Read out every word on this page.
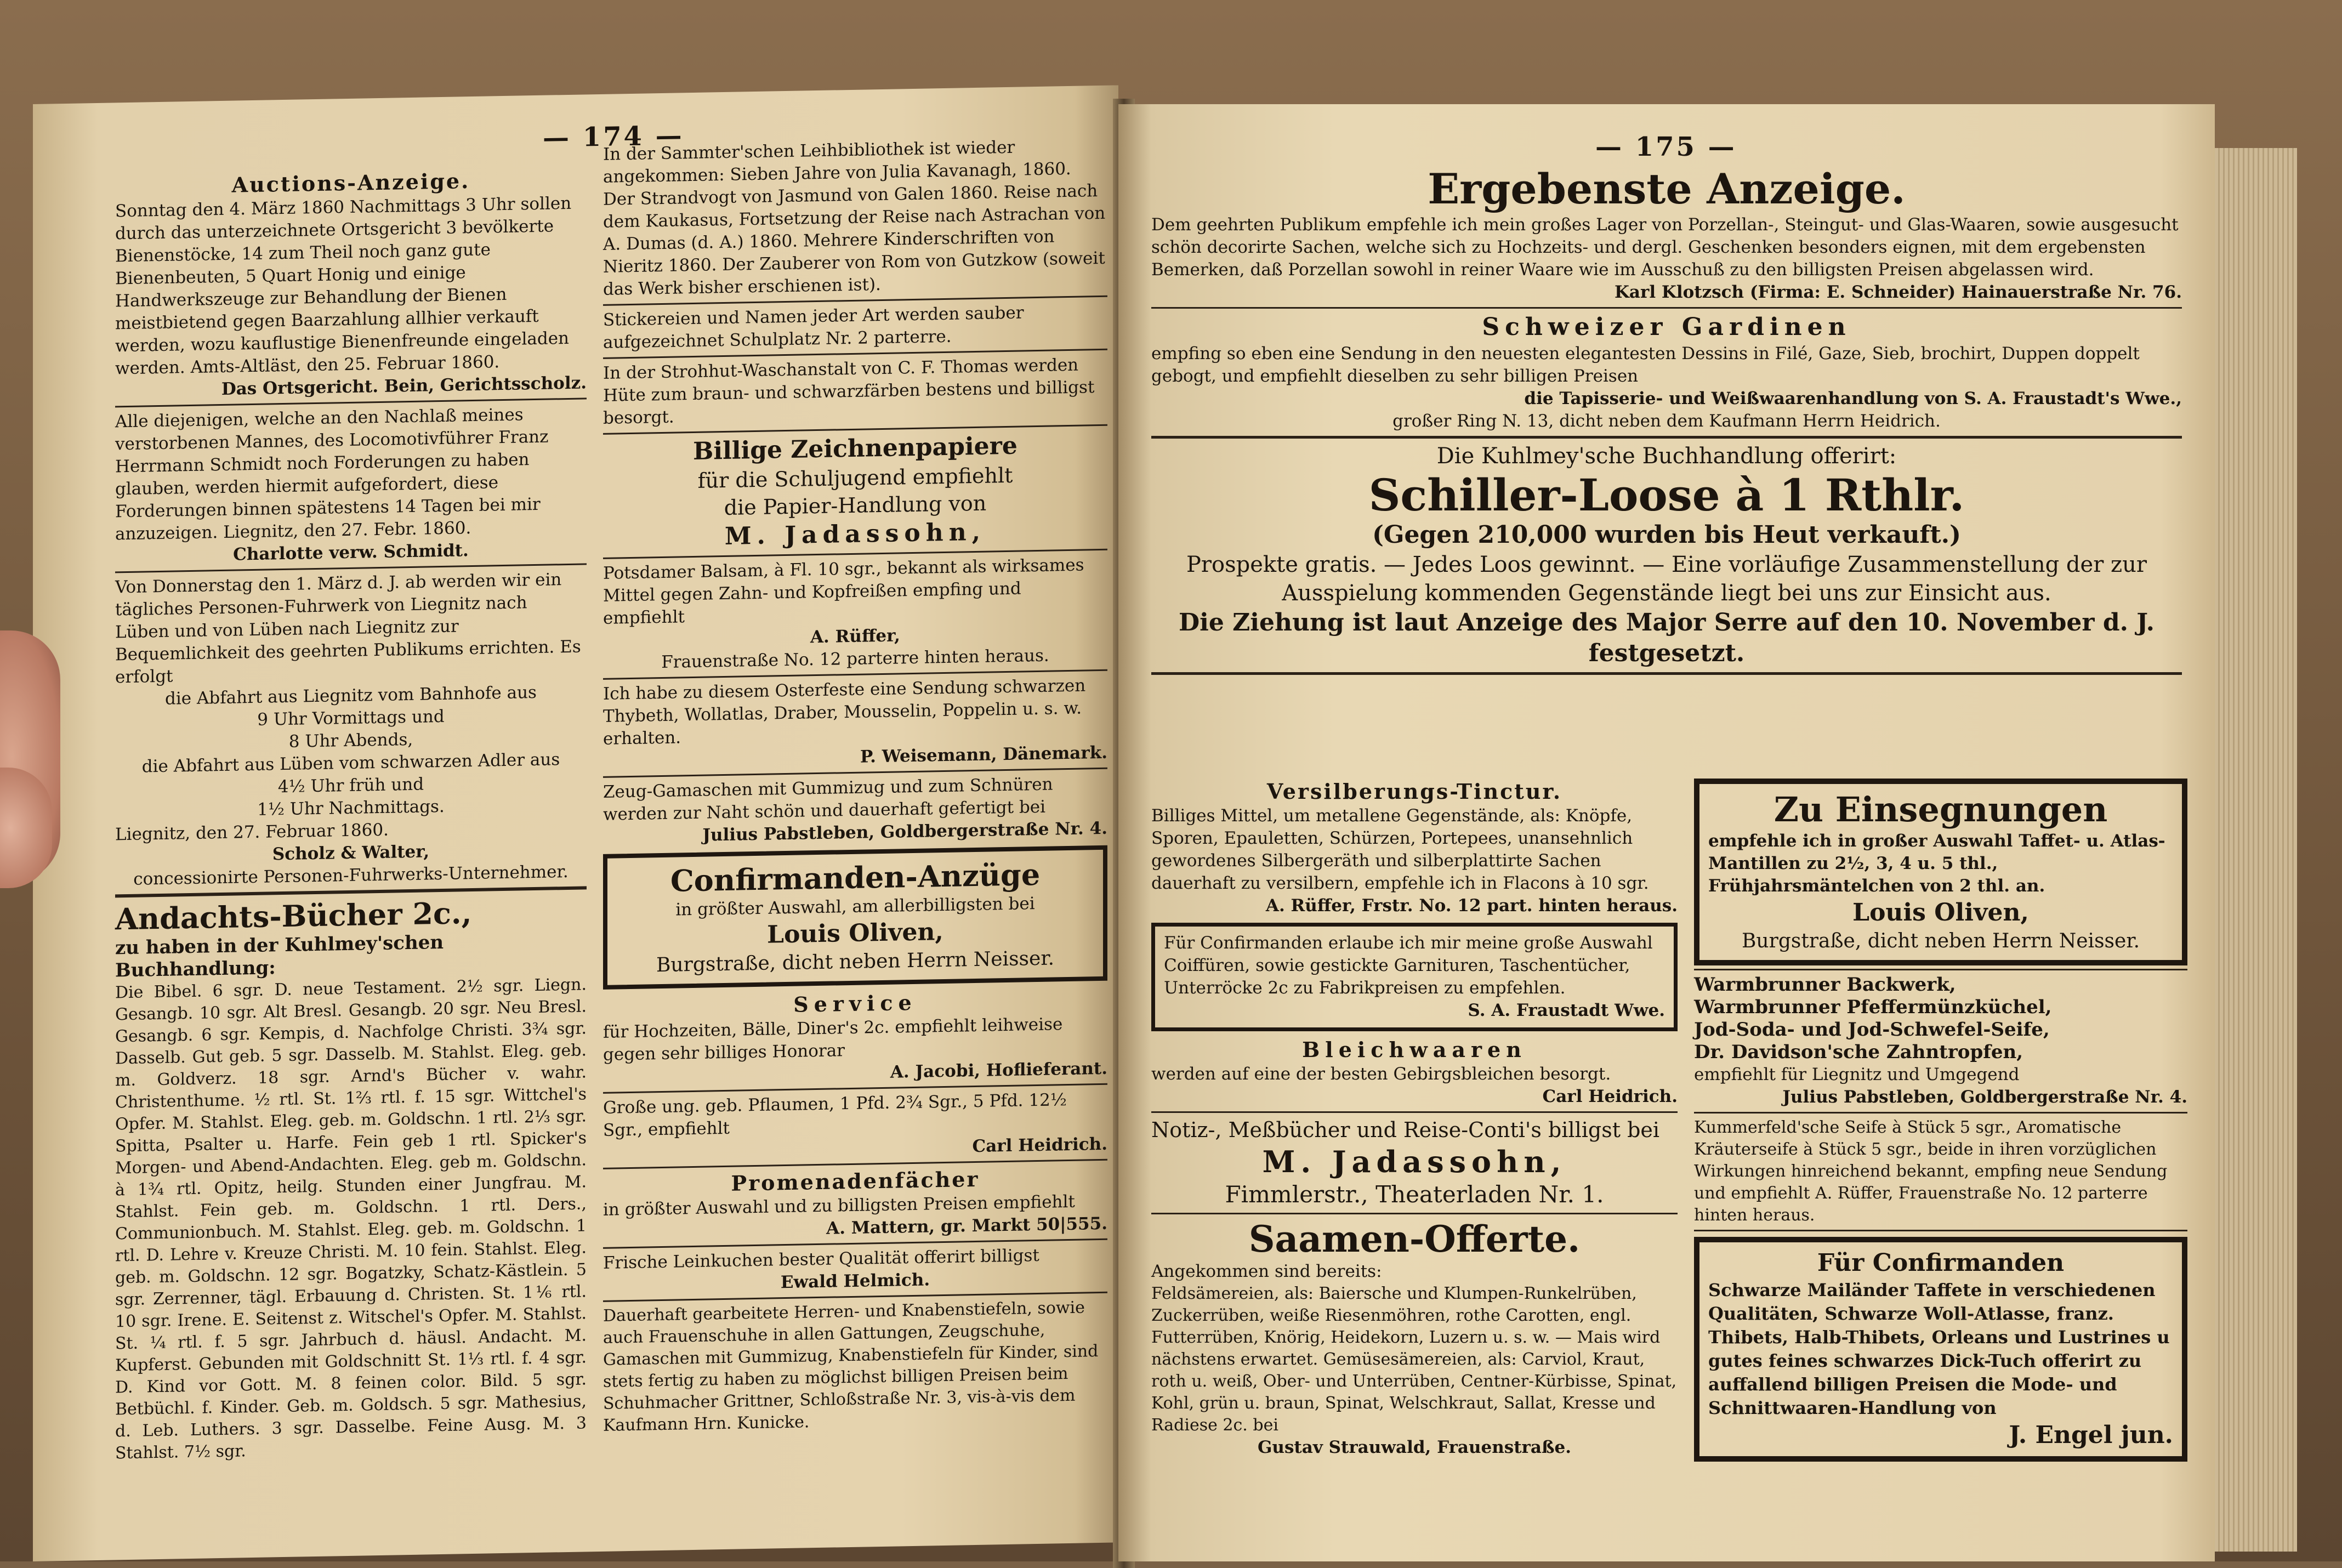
— 174 —

Auctions-Anzeige.

Sonntag den 4. März 1860 Nachmittags 3 Uhr sollen durch das unterzeichnete Ortsgericht 3 bevölkerte Bienenstöcke, 14 zum Theil noch ganz gute Bienenbeuten, 5 Quart Honig und einige Handwerkszeuge zur Behandlung der Bienen meistbietend gegen Baarzahlung allhier verkauft werden, wozu kauflustige Bienenfreunde eingeladen werden. Amts-Altläst, den 25. Februar 1860.

Das Ortsgericht. Bein, Gerichtsscholz.

Alle diejenigen, welche an den Nachlaß meines verstorbenen Mannes, des Locomotivführer Franz Herrmann Schmidt noch Forderungen zu haben glauben, werden hiermit aufgefordert, diese Forderungen binnen spätestens 14 Tagen bei mir anzuzeigen. Liegnitz, den 27. Febr. 1860.

Charlotte verw. Schmidt.

Von Donnerstag den 1. März d. J. ab werden wir ein tägliches Personen-Fuhrwerk von Liegnitz nach Lüben und von Lüben nach Liegnitz zur Bequemlichkeit des geehrten Publikums errichten. Es erfolgt

die Abfahrt aus Liegnitz vom Bahnhofe aus

9 Uhr Vormittags und

8 Uhr Abends,

die Abfahrt aus Lüben vom schwarzen Adler aus

4½ Uhr früh und

1½ Uhr Nachmittags.

Liegnitz, den 27. Februar 1860.

Scholz & Walter,

concessionirte Personen-Fuhrwerks-Unternehmer.

Andachts-Bücher 2c.,

zu haben in der Kuhlmey'schen Buchhandlung:

Die Bibel. 6 sgr. D. neue Testament. 2½ sgr. Liegn. Gesangb. 10 sgr. Alt Bresl. Gesangb. 20 sgr. Neu Bresl. Gesangb. 6 sgr. Kempis, d. Nachfolge Christi. 3¾ sgr. Dasselb. Gut geb. 5 sgr. Dasselb. M. Stahlst. Eleg. geb. m. Goldverz. 18 sgr. Arnd's Bücher v. wahr. Christenthume. ½ rtl. St. 1⅔ rtl. f. 15 sgr. Wittchel's Opfer. M. Stahlst. Eleg. geb. m. Goldschn. 1 rtl. 2⅓ sgr. Spitta, Psalter u. Harfe. Fein geb 1 rtl. Spicker's Morgen- und Abend-Andachten. Eleg. geb m. Goldschn. à 1¾ rtl. Opitz, heilg. Stunden einer Jungfrau. M. Stahlst. Fein geb. m. Goldschn. 1 rtl. Ders., Communionbuch. M. Stahlst. Eleg. geb. m. Goldschn. 1 rtl. D. Lehre v. Kreuze Christi. M. 10 fein. Stahlst. Eleg. geb. m. Goldschn. 12 sgr. Bogatzky, Schatz-Kästlein. 5 sgr. Zerrenner, tägl. Erbauung d. Christen. St. 1⅙ rtl. 10 sgr. Irene. E. Seitenst z. Witschel's Opfer. M. Stahlst. St. ¼ rtl. f. 5 sgr. Jahrbuch d. häusl. Andacht. M. Kupferst. Gebunden mit Goldschnitt St. 1⅓ rtl. f. 4 sgr. D. Kind vor Gott. M. 8 feinen color. Bild. 5 sgr. Betbüchl. f. Kinder. Geb. m. Goldsch. 5 sgr. Mathesius, d. Leb. Luthers. 3 sgr. Dasselbe. Feine Ausg. M. 3 Stahlst. 7½ sgr.

In der Sammter'schen Leihbibliothek ist wieder angekommen: Sieben Jahre von Julia Kavanagh, 1860. Der Strandvogt von Jasmund von Galen 1860. Reise nach dem Kaukasus, Fortsetzung der Reise nach Astrachan von A. Dumas (d. A.) 1860. Mehrere Kinderschriften von Nieritz 1860. Der Zauberer von Rom von Gutzkow (soweit das Werk bisher erschienen ist).

Stickereien und Namen jeder Art werden sauber aufgezeichnet Schulplatz Nr. 2 parterre.

In der Strohhut-Waschanstalt von C. F. Thomas werden Hüte zum braun- und schwarzfärben bestens und billigst besorgt.

Billige Zeichnenpapiere

für die Schuljugend empfiehlt

die Papier-Handlung von

M. Jadassohn,

Potsdamer Balsam, à Fl. 10 sgr., bekannt als wirksames Mittel gegen Zahn- und Kopfreißen empfing und empfiehlt

A. Rüffer,

Frauenstraße No. 12 parterre hinten heraus.

Ich habe zu diesem Osterfeste eine Sendung schwarzen Thybeth, Wollatlas, Draber, Mousselin, Poppelin u. s. w. erhalten.

P. Weisemann, Dänemark.

Zeug-Gamaschen mit Gummizug und zum Schnüren werden zur Naht schön und dauerhaft gefertigt bei

Julius Pabstleben, Goldbergerstraße Nr. 4.

Confirmanden-Anzüge

in größter Auswahl, am allerbilligsten bei

Louis Oliven,

Burgstraße, dicht neben Herrn Neisser.

Service

für Hochzeiten, Bälle, Diner's 2c. empfiehlt leihweise gegen sehr billiges Honorar

A. Jacobi, Hoflieferant.

Große ung. geb. Pflaumen, 1 Pfd. 2¾ Sgr., 5 Pfd. 12½ Sgr., empfiehlt

Carl Heidrich.

Promenadenfächer

in größter Auswahl und zu billigsten Preisen empfiehlt

A. Mattern, gr. Markt 50|555.

Frische Leinkuchen bester Qualität offerirt billigst

Ewald Helmich.

Dauerhaft gearbeitete Herren- und Knabenstiefeln, sowie auch Frauenschuhe in allen Gattungen, Zeugschuhe, Gamaschen mit Gummizug, Knabenstiefeln für Kinder, sind stets fertig zu haben zu möglichst billigen Preisen beim Schuhmacher Grittner, Schloßstraße Nr. 3, vis-à-vis dem Kaufmann Hrn. Kunicke.

— 175 —

Ergebenste Anzeige.

Dem geehrten Publikum empfehle ich mein großes Lager von Porzellan-, Steingut- und Glas-Waaren, sowie ausgesucht schön decorirte Sachen, welche sich zu Hochzeits- und dergl. Geschenken besonders eignen, mit dem ergebensten Bemerken, daß Porzellan sowohl in reiner Waare wie im Ausschuß zu den billigsten Preisen abgelassen wird.

Karl Klotzsch (Firma: E. Schneider) Hainauerstraße Nr. 76.

Schweizer Gardinen

empfing so eben eine Sendung in den neuesten elegantesten Dessins in Filé, Gaze, Sieb, brochirt, Duppen doppelt gebogt, und empfiehlt dieselben zu sehr billigen Preisen

die Tapisserie- und Weißwaarenhandlung von S. A. Fraustadt's Wwe.,

großer Ring N. 13, dicht neben dem Kaufmann Herrn Heidrich.

Die Kuhlmey'sche Buchhandlung offerirt:

Schiller-Loose à 1 Rthlr.

(Gegen 210,000 wurden bis Heut verkauft.)

Prospekte gratis. — Jedes Loos gewinnt. — Eine vorläufige Zusammenstellung der zur Ausspielung kommenden Gegenstände liegt bei uns zur Einsicht aus.

Die Ziehung ist laut Anzeige des Major Serre auf den 10. November d. J. festgesetzt.

Versilberungs-Tinctur.

Billiges Mittel, um metallene Gegenstände, als: Knöpfe, Sporen, Epauletten, Schürzen, Portepees, unansehnlich gewordenes Silbergeräth und silberplattirte Sachen dauerhaft zu versilbern, empfehle ich in Flacons à 10 sgr.

A. Rüffer, Frstr. No. 12 part. hinten heraus.

Für Confirmanden erlaube ich mir meine große Auswahl Coiffüren, sowie gestickte Garnituren, Taschentücher, Unterröcke 2c zu Fabrikpreisen zu empfehlen.

S. A. Fraustadt Wwe.

Bleichwaaren

werden auf eine der besten Gebirgsbleichen besorgt.

Carl Heidrich.

Notiz-, Meßbücher und Reise-Conti's billigst bei

M. Jadassohn,

Fimmlerstr., Theaterladen Nr. 1.

Saamen-Offerte.

Angekommen sind bereits:

Feldsämereien, als: Baiersche und Klumpen-Runkelrüben, Zuckerrüben, weiße Riesenmöhren, rothe Carotten, engl. Futterrüben, Knörig, Heidekorn, Luzern u. s. w. — Mais wird nächstens erwartet. Gemüsesämereien, als: Carviol, Kraut, roth u. weiß, Ober- und Unterrüben, Centner-Kürbisse, Spinat, Kohl, grün u. braun, Spinat, Welschkraut, Sallat, Kresse und Radiese 2c. bei

Gustav Strauwald, Frauenstraße.

Zu Einsegnungen

empfehle ich in großer Auswahl Taffet- u. Atlas-Mantillen zu 2½, 3, 4 u. 5 thl., Frühjahrsmäntelchen von 2 thl. an.

Louis Oliven,

Burgstraße, dicht neben Herrn Neisser.

Warmbrunner Backwerk,

Warmbrunner Pfeffermünzküchel,

Jod-Soda- und Jod-Schwefel-Seife,

Dr. Davidson'sche Zahntropfen,

empfiehlt für Liegnitz und Umgegend

Julius Pabstleben, Goldbergerstraße Nr. 4.

Kummerfeld'sche Seife à Stück 5 sgr., Aromatische Kräuterseife à Stück 5 sgr., beide in ihren vorzüglichen Wirkungen hinreichend bekannt, empfing neue Sendung und empfiehlt A. Rüffer, Frauenstraße No. 12 parterre hinten heraus.

Für Confirmanden

Schwarze Mailänder Taffete in verschiedenen Qualitäten, Schwarze Woll-Atlasse, franz. Thibets, Halb-Thibets, Orleans und Lustrines u gutes feines schwarzes Dick-Tuch offerirt zu auffallend billigen Preisen die Mode- und Schnittwaaren-Handlung von

J. Engel jun.
